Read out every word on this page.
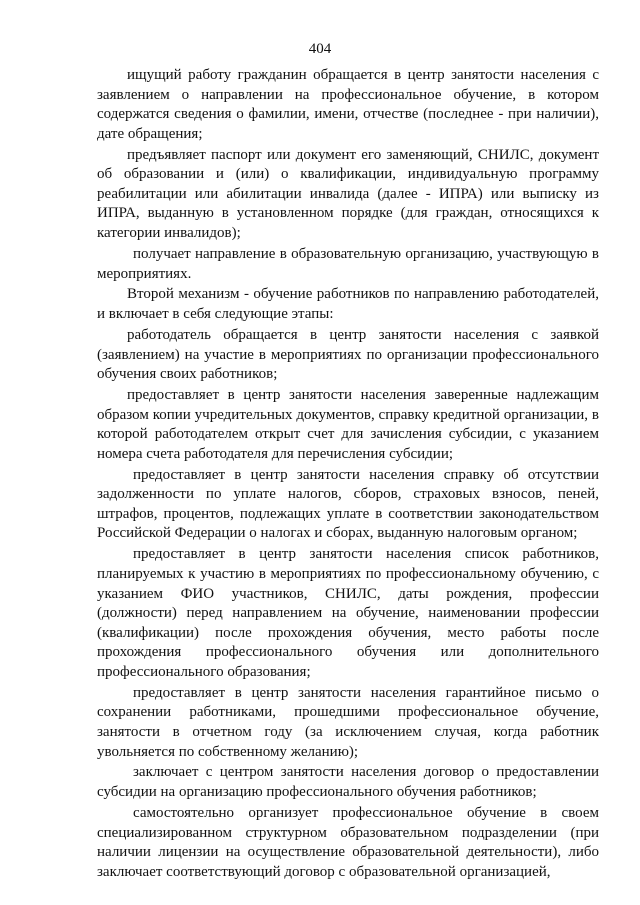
404

ищущий работу гражданин обращается в центр занятости населения с заявлением о направлении на профессиональное обучение, в котором содержатся сведения о фамилии, имени, отчестве (последнее - при наличии), дате обращения;

предъявляет паспорт или документ его заменяющий, СНИЛС, документ об образовании и (или) о квалификации, индивидуальную программу реабилитации или абилитации инвалида (далее - ИПРА) или выписку из ИПРА, выданную в установленном порядке (для граждан, относящихся к категории инвалидов);

получает направление в образовательную организацию, участвующую в мероприятиях.

Второй механизм - обучение работников по направлению работодателей, и включает в себя следующие этапы:

работодатель обращается в центр занятости населения с заявкой (заявлением) на участие в мероприятиях по организации профессионального обучения своих работников;

предоставляет в центр занятости населения заверенные надлежащим образом копии учредительных документов, справку кредитной организации, в которой работодателем открыт счет для зачисления субсидии, с указанием номера счета работодателя для перечисления субсидии;

предоставляет в центр занятости населения справку об отсутствии задолженности по уплате налогов, сборов, страховых взносов, пеней, штрафов, процентов, подлежащих уплате в соответствии законодательством Российской Федерации о налогах и сборах, выданную налоговым органом;

предоставляет в центр занятости населения список работников, планируемых к участию в мероприятиях по профессиональному обучению, с указанием ФИО участников, СНИЛС, даты рождения, профессии (должности) перед направлением на обучение, наименовании профессии (квалификации) после прохождения обучения, место работы после прохождения профессионального обучения или дополнительного профессионального образования;

предоставляет в центр занятости населения гарантийное письмо о сохранении работниками, прошедшими профессиональное обучение, занятости в отчетном году (за исключением случая, когда работник увольняется по собственному желанию);

заключает с центром занятости населения договор о предоставлении субсидии на организацию профессионального обучения работников;

самостоятельно организует профессиональное обучение в своем специализированном структурном образовательном подразделении (при наличии лицензии на осуществление образовательной деятельности), либо заключает соответствующий договор с образовательной организацией,
